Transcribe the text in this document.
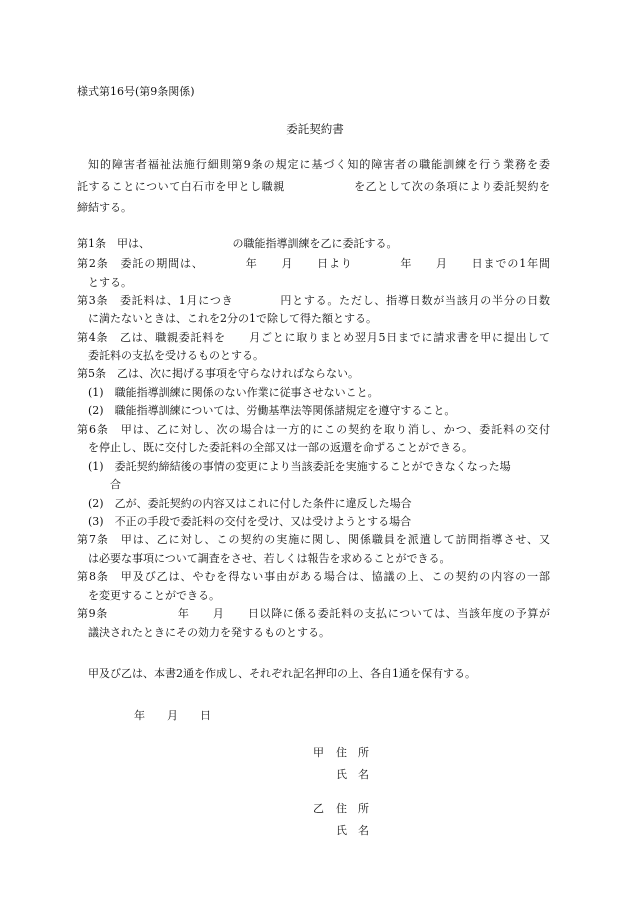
様式第16号(第9条関係)
委託契約書
知的障害者福祉法施行細則第9条の規定に基づく知的障害者の職能訓練を行う業務を委
託することについて白石市を甲とし職親　　　　　　を乙として次の条項により委託契約を
締結する。
第1条　甲は、　　　　　　　　の職能指導訓練を乙に委託する。
第2条　委託の期間は、　　　　年　　月　　日より　　　　年　　月　　日までの1年間
　とする。
第3条　委託料は、1月につき　　　　円とする。ただし、指導日数が当該月の半分の日数
　に満たないときは、これを2分の1で除して得た額とする。
第4条　乙は、職親委託料を　　月ごとに取りまとめ翌月5日までに請求書を甲に提出して
　委託料の支払を受けるものとする。
第5条　乙は、次に掲げる事項を守らなければならない。
　(1)　職能指導訓練に関係のない作業に従事させないこと。
　(2)　職能指導訓練については、労働基準法等関係諸規定を遵守すること。
第6条　甲は、乙に対し、次の場合は一方的にこの契約を取り消し、かつ、委託料の交付
　を停止し、既に交付した委託料の全部又は一部の返還を命ずることができる。
　(1)　委託契約締結後の事情の変更により当該委託を実施することができなくなった場
　　　合
　(2)　乙が、委託契約の内容又はこれに付した条件に違反した場合
　(3)　不正の手段で委託料の交付を受け、又は受けようとする場合
第7条　甲は、乙に対し、この契約の実施に関し、関係職員を派遣して訪問指導させ、又
　は必要な事項について調査をさせ、若しくは報告を求めることができる。
第8条　甲及び乙は、やむを得ない事由がある場合は、協議の上、この契約の内容の一部
　を変更することができる。
第9条　　　　　　年　　月　　日以降に係る委託料の支払については、当該年度の予算が
　議決されたときにその効力を発するものとする。
甲及び乙は、本書2通を作成し、それぞれ記名押印の上、各自1通を保有する。
年　　月　　日
甲 住　所
氏　名
乙 住　所
氏　名
